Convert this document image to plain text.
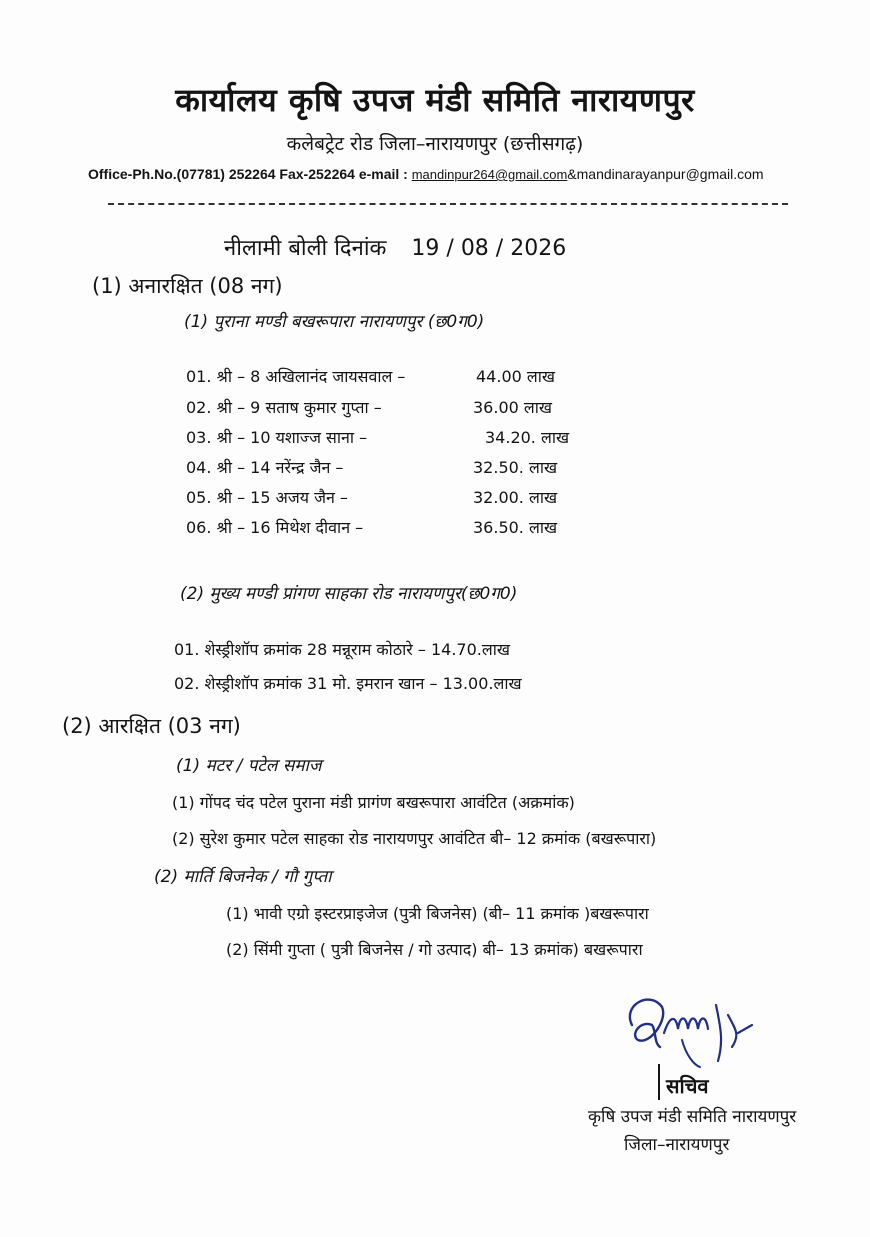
कार्यालय कृषि उपज मंडी समिति नारायणपुर
कलेबट्रेट रोड जिला–नारायणपुर (छत्तीसगढ़)
Office-Ph.No.(07781) 252264 Fax-252264 e-mail : mandinpur264@gmail.com&mandinarayanpur@gmail.com
नीलामी बोली दिनांक 19 / 08 / 2026
(1) अनारक्षित (08 नग)
(1) पुराना मण्डी बखरूपारा नारायणपुर (छ0ग0)
01. श्री – 8 अखिलानंद जायसवाल –	44.00 लाख
02. श्री – 9 सताष कुमार गुप्ता –	36.00 लाख
03. श्री – 10 यशाज्ज साना –	34.20. लाख
04. श्री – 14 नरेंन्द्र जैन –	32.50. लाख
05. श्री – 15 अजय जैन –	32.00. लाख
06. श्री – 16 मिथेश दीवान –	36.50. लाख
(2) मुख्य मण्डी प्रांगण साहका रोड नारायणपुर(छ0ग0)
01. शेस्ड्रीशॉप क्रमांक 28 मन्नूराम कोठारे – 14.70.लाख
02. शेस्ड्रीशॉप क्रमांक 31 मो. इमरान खान – 13.00.लाख
(2) आरक्षित (03 नग)
(1) मटर / पटेल समाज
(1) गोंपद चंद पटेल पुराना मंडी प्रागंण बखरूपारा आवंटित (अक्रमांक)
(2) सुरेश कुमार पटेल साहका रोड नारायणपुर आवंटित बी– 12 क्रमांक (बखरूपारा)
(2) मार्ति बिजनेक / गौ गुप्ता
(1) भावी एग्रो इस्टरप्राइजेज (पुत्री बिजनेस) (बी– 11 क्रमांक )बखरूपारा
(2) सिंमी गुप्ता ( पुत्री बिजनेस / गो उत्पाद) बी– 13 क्रमांक) बखरूपारा
सचिव
कृषि उपज मंडी समिति नारायणपुर
जिला–नारायणपुर
